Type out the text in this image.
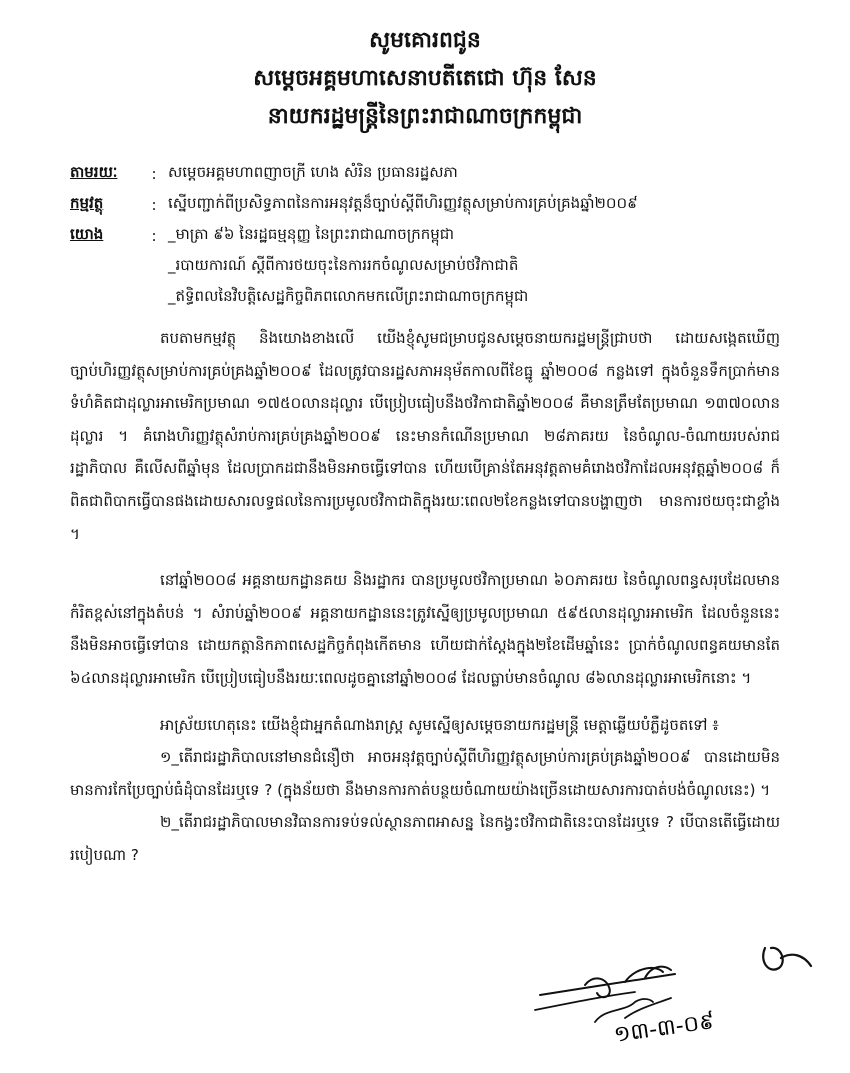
សូមគោរពជូន
សម្តេចអគ្គមហាសេនាបតីតេជោ ហ៊ុន សែន
នាយករដ្ឋមន្ត្រីនៃព្រះរាជាណាចក្រកម្ពុជា
តាមរយៈ	: សម្តេចអគ្គមហាពញាចក្រី ហេង សំរិន ប្រធានរដ្ឋសភា
កម្មវត្ថុ	: ស្នើបញ្ជាក់ពីប្រសិទ្ធភាពនៃការអនុវត្តន៏ច្បាប់ស្តីពីហិរញ្ញវត្ថុសម្រាប់ការគ្រប់គ្រងឆ្នាំ២០០៩
យោង	: _មាត្រា ៩៦ នៃរដ្ឋធម្មនុញ្ញ នៃព្រះរាជាណាចក្រកម្ពុជា
_របាយការណ៍ ស្តីពីការថយចុះនៃការរកចំណូលសម្រាប់ថវិកាជាតិ
_ឥទ្ធិពលនៃវិបត្តិសេដ្ឋកិច្ចពិភពលោកមកលើព្រះរាជាណាចក្រកម្ពុជា

តបតាមកម្មវត្ថុ និងយោងខាងលើ យើងខ្ញុំសូមជម្រាបជូនសម្តេចនាយករដ្ឋមន្ត្រីជ្រាបថា ដោយសង្កេតឃើញច្បាប់ហិរញ្ញវត្ថុសម្រាប់ការគ្រប់គ្រងឆ្នាំ២០០៩ ដែលត្រូវបានរដ្ឋសភាអនុម័តកាលពីខែធ្នូ ឆ្នាំ២០០៨ កន្លងទៅ ក្នុងចំនួនទឹកប្រាក់មានទំហំគិតជាដុល្លារអាមេរិកប្រមាណ ១៧៥០លានដុល្លារ បើប្រៀបធៀបនឹងថវិកាជាតិឆ្នាំ២០០៨ គឺមានត្រឹមតែប្រមាណ ១៣៧០លានដុល្លារ ។ គំរោងហិរញ្ញវត្ថុសំរាប់ការគ្រប់គ្រងឆ្នាំ២០០៩ នេះមានកំណើនប្រមាណ ២៨ភាគរយ នៃចំណូល-ចំណាយរបស់រាជរដ្ឋាភិបាល គឺលើសពីឆ្នាំមុន ដែលប្រាកដជានឹងមិនអាចធ្វើទៅបាន ហើយបើគ្រាន់តែអនុវត្តតាមគំរោងថវិកាដែលអនុវត្តឆ្នាំ២០០៨ ក៏ពិតជាពិបាកធ្វើបានផងដោយសារលទ្ធផលនៃការប្រមូលថវិកាជាតិក្នុងរយៈពេល២ខែកន្លងទៅបានបង្ហាញថា មានការថយចុះជាខ្លាំង ។

នៅឆ្នាំ២០០៨ អគ្គនាយកដ្ឋានគយ និងរដ្ឋាករ បានប្រមូលថវិកាប្រមាណ ៦០ភាគរយ នៃចំណូលពន្ធសរុបដែលមានកំរិតខ្ពស់នៅក្នុងតំបន់ ។ សំរាប់ឆ្នាំ២០០៩ អគ្គនាយកដ្ឋាននេះត្រូវស្នើឲ្យប្រមូលប្រមាណ ៥៩៥លានដុល្លារអាមេរិក ដែលចំនួននេះនឹងមិនអាចធ្វើទៅបាន ដោយកត្តានិកភាពសេដ្ឋកិច្ចកំពុងកើតមាន ហើយជាក់ស្តែងក្នុង២ខែដើមឆ្នាំនេះ ប្រាក់ចំណូលពន្ធគយមានតែ ៦៤លានដុល្លារអាមេរិក បើប្រៀបធៀបនឹងរយៈពេលដូចគ្នានៅឆ្នាំ២០០៨ ដែលធ្លាប់មានចំណូល ៨៦លានដុល្លារអាមេរិកនោះ ។

អាស្រ័យហេតុនេះ យើងខ្ញុំជាអ្នកតំណាងរាស្ត្រ សូមស្នើឲ្យសម្តេចនាយករដ្ឋមន្ត្រី មេត្តាឆ្លើយបំភ្លឺដូចតទៅ ៖

១_តើរាជរដ្ឋាភិបាលនៅមានជំនឿថា អាចអនុវត្តច្បាប់ស្តីពីហិរញ្ញវត្ថុសម្រាប់ការគ្រប់គ្រងឆ្នាំ២០០៩ បានដោយមិនមានការកែប្រែច្បាប់ធំដុំបានដែរឬទេ ? (ក្នុងន័យថា នឹងមានការកាត់បន្ថយចំណាយយ៉ាងច្រើនដោយសារការបាត់បង់ចំណូលនេះ) ។

២_តើរាជរដ្ឋាភិបាលមានវិធានការទប់ទល់ស្ថានភាពអាសន្ន នៃកង្វះថវិកាជាតិនេះបានដែរឬទេ ? បើបានតើធ្វើដោយរបៀបណា ?

១៣-៣-០៩
